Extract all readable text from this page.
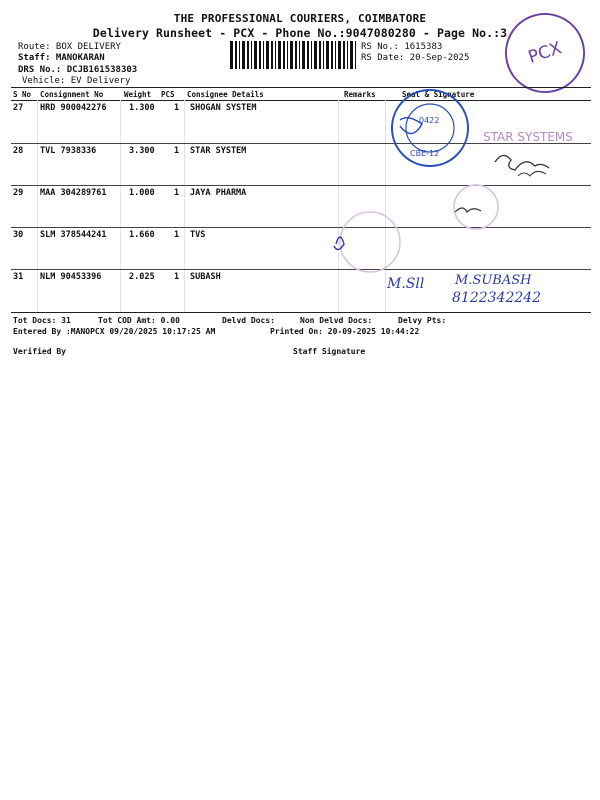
THE PROFESSIONAL COURIERS, COIMBATORE
Delivery Runsheet - PCX - Phone No.:9047080280 - Page No.:3
PCX
Route: BOX DELIVERY
Staff: MANOKARAN
DRS No.: DCJB161538303
Vehicle: EV Delivery
RS No.: 1615383
RS Date: 20-Sep-2025
S No Consignment No	Weight PCS Consignee Details	Remarks	Seal & Signature
27 HRD 900042276	1.300 1 SHOGAN SYSTEM
28 TVL 7938336	3.300 1 STAR SYSTEM
29 MAA 304289761	1.000 1 JAYA PHARMA
30 SLM 378544241	1.660 1 TVS
31 NLM 90453396	2.025 1 SUBASH
Tot Docs: 31	Tot COD Amt: 0.00	Delvd Docs:	Non Delvd Docs:	Delvy Pts:
Entered By :MANOPCX 09/20/2025 10:17:25 AM	Printed On: 20-09-2025 10:44:22
Verified By	Staff Signature
0422
CBE-12
STAR SYSTEMS
M.Sll M.SUBASH
8122342242
